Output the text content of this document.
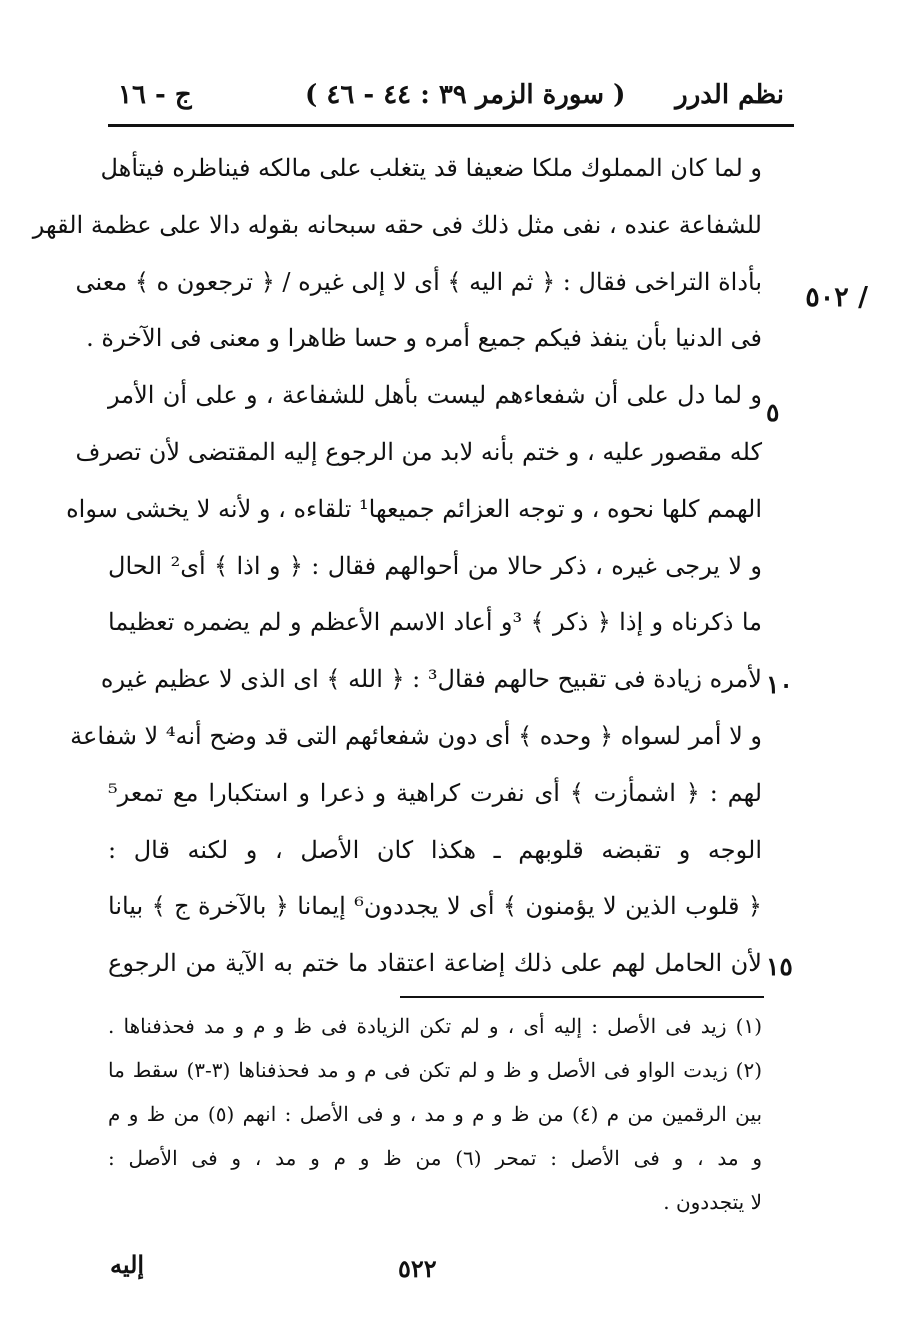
نظم الدرر
( سورة الزمر ٣٩ : ٤٤ - ٤٦ )
ج - ١٦
٥٠٢ /
٥
١٠
١٥
و لما كان المملوك ملكا ضعيفا قد يتغلب على مالكه فيناظره فيتأهل
للشفاعة عنده ، نفى مثل ذلك فى حقه سبحانه بقوله دالا على عظمة القهر
بأداة التراخى فقال : ﴿ ثم اليه ﴾ أى لا إلى غيره / ﴿ ترجعون ه ﴾ معنى
فى الدنيا بأن ينفذ فيكم جميع أمره و حسا ظاهرا و معنى فى الآخرة .
و لما دل على أن شفعاءهم ليست بأهل للشفاعة ، و على أن الأمر
كله مقصور عليه ، و ختم بأنه لابد من الرجوع إليه المقتضى لأن تصرف
الهمم كلها نحوه ، و توجه العزائم جميعها¹ تلقاءه ، و لأنه لا يخشى سواه
و لا يرجى غيره ، ذكر حالا من أحوالهم فقال : ﴿ و اذا ﴾ أى² الحال
ما ذكرناه و إذا ﴿ ذكر ﴾ ³و أعاد الاسم الأعظم و لم يضمره تعظيما
لأمره زيادة فى تقبيح حالهم فقال³ : ﴿ الله ﴾ اى الذى لا عظيم غيره
و لا أمر لسواه ﴿ وحده ﴾ أى دون شفعائهم التى قد وضح أنه⁴ لا شفاعة
لهم : ﴿ اشمأزت ﴾ أى نفرت كراهية و ذعرا و استكبارا مع تمعر⁵
الوجه و تقبضه قلوبهم ـ هكذا كان الأصل ، و لكنه قال :
﴿ قلوب الذين لا يؤمنون ﴾ أى لا يجددون⁶ إيمانا ﴿ بالآخرة ج ﴾ بيانا
لأن الحامل لهم على ذلك إضاعة اعتقاد ما ختم به الآية من الرجوع
(١) زيد فى الأصل : إليه أى ، و لم تكن الزيادة فى ظ و م و مد فحذفناها .
(٢) زيدت الواو فى الأصل و ظ و لم تكن فى م و مد فحذفناها (٣-٣) سقط ما
بين الرقمين من م (٤) من ظ و م و مد ، و فى الأصل : انهم (٥) من ظ و م
و مد ، و فى الأصل : تمحر (٦) من ظ و م و مد ، و فى الأصل :
لا يتجددون .
إليه	٥٢٢
